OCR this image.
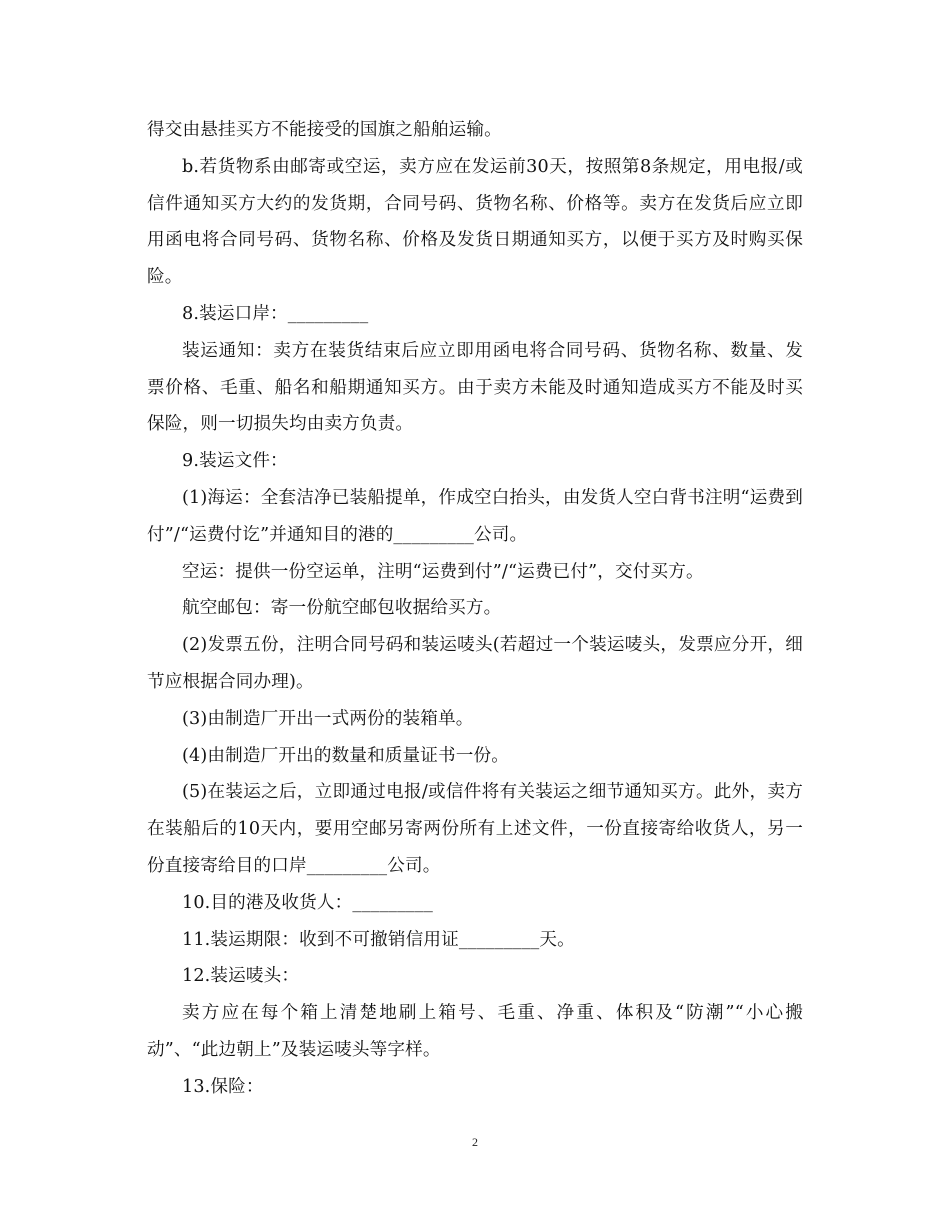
得交由悬挂买方不能接受的国旗之船舶运输。

b.若货物系由邮寄或空运，卖方应在发运前30天，按照第8条规定，用电报/或信件通知买方大约的发货期，合同号码、货物名称、价格等。卖方在发货后应立即用函电将合同号码、货物名称、价格及发货日期通知买方，以便于买方及时购买保险。

8.装运口岸：_________

装运通知：卖方在装货结束后应立即用函电将合同号码、货物名称、数量、发票价格、毛重、船名和船期通知买方。由于卖方未能及时通知造成买方不能及时买保险，则一切损失均由卖方负责。

9.装运文件：

(1)海运：全套洁净已装船提单，作成空白抬头，由发货人空白背书注明“运费到付”/“运费付讫”并通知目的港的_________公司。

空运：提供一份空运单，注明“运费到付”/“运费已付”，交付买方。

航空邮包：寄一份航空邮包收据给买方。

(2)发票五份，注明合同号码和装运唛头(若超过一个装运唛头，发票应分开，细节应根据合同办理)。

(3)由制造厂开出一式两份的装箱单。

(4)由制造厂开出的数量和质量证书一份。

(5)在装运之后，立即通过电报/或信件将有关装运之细节通知买方。此外，卖方在装船后的10天内，要用空邮另寄两份所有上述文件，一份直接寄给收货人，另一份直接寄给目的口岸_________公司。

10.目的港及收货人：_________

11.装运期限：收到不可撤销信用证_________天。

12.装运唛头：

卖方应在每个箱上清楚地刷上箱号、毛重、净重、体积及“防潮”“小心搬动”、“此边朝上”及装运唛头等字样。

13.保险：

2
